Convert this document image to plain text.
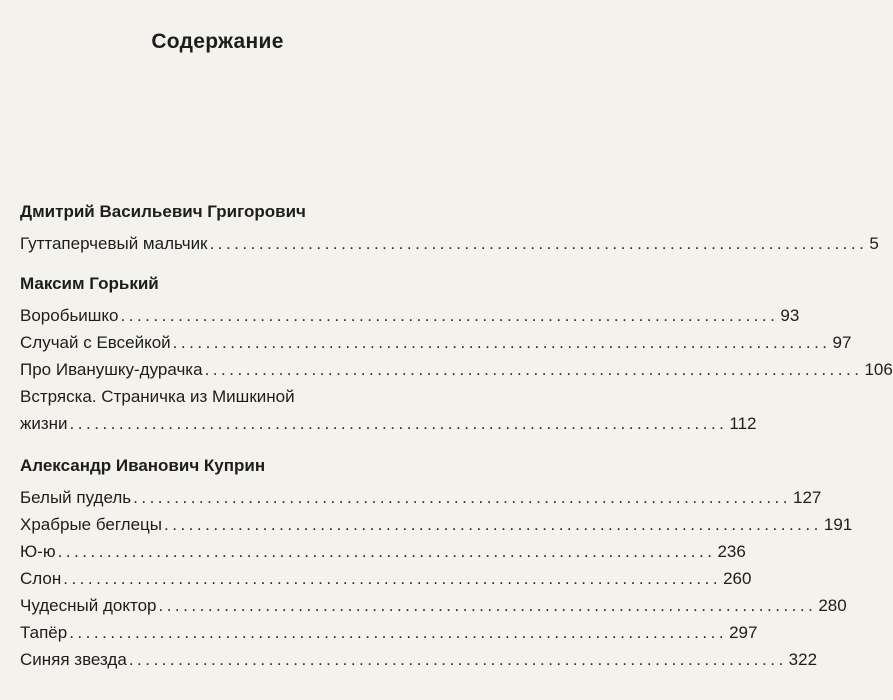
Содержание
Дмитрий Васильевич Григорович
Гуттаперчевый мальчик ................................................................................ 5
Максим Горький
Воробьишко ................................................................................ 93
Случай с Евсейкой ................................................................................ 97
Про Иванушку-дурачка ................................................................................ 106
Встряска. Страничка из Мишкиной
жизни ................................................................................ 112
Александр Иванович Куприн
Белый пудель ................................................................................ 127
Храбрые беглецы ................................................................................ 191
Ю-ю ................................................................................ 236
Слон ................................................................................ 260
Чудесный доктор ................................................................................ 280
Тапёр ................................................................................ 297
Синяя звезда ................................................................................ 322
